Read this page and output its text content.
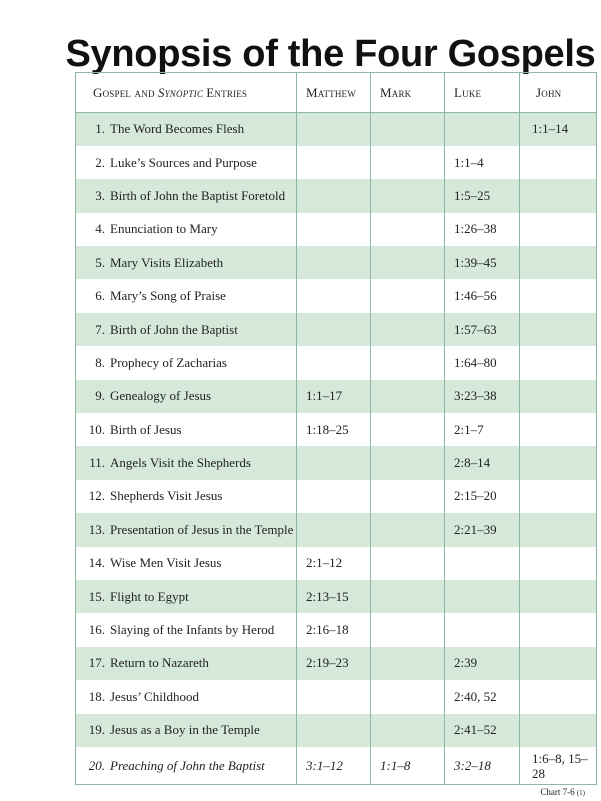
Synopsis of the Four Gospels
Gospel and Synoptic Entries	Matthew	Mark	Luke	John
1. The Word Becomes Flesh				1:1–14
2. Luke’s Sources and Purpose			1:1–4	
3. Birth of John the Baptist Foretold			1:5–25	
4. Enunciation to Mary			1:26–38	
5. Mary Visits Elizabeth			1:39–45	
6. Mary’s Song of Praise			1:46–56	
7. Birth of John the Baptist			1:57–63	
8. Prophecy of Zacharias			1:64–80	
9. Genealogy of Jesus	1:1–17		3:23–38	
10. Birth of Jesus	1:18–25		2:1–7	
11. Angels Visit the Shepherds			2:8–14	
12. Shepherds Visit Jesus			2:15–20	
13. Presentation of Jesus in the Temple			2:21–39	
14. Wise Men Visit Jesus	2:1–12			
15. Flight to Egypt	2:13–15			
16. Slaying of the Infants by Herod	2:16–18			
17. Return to Nazareth	2:19–23		2:39	
18. Jesus’ Childhood			2:40, 52	
19. Jesus as a Boy in the Temple			2:41–52	
20. Preaching of John the Baptist	3:1–12	1:1–8	3:2–18	1:6–8, 15–28
Chart 7-6 (1)
